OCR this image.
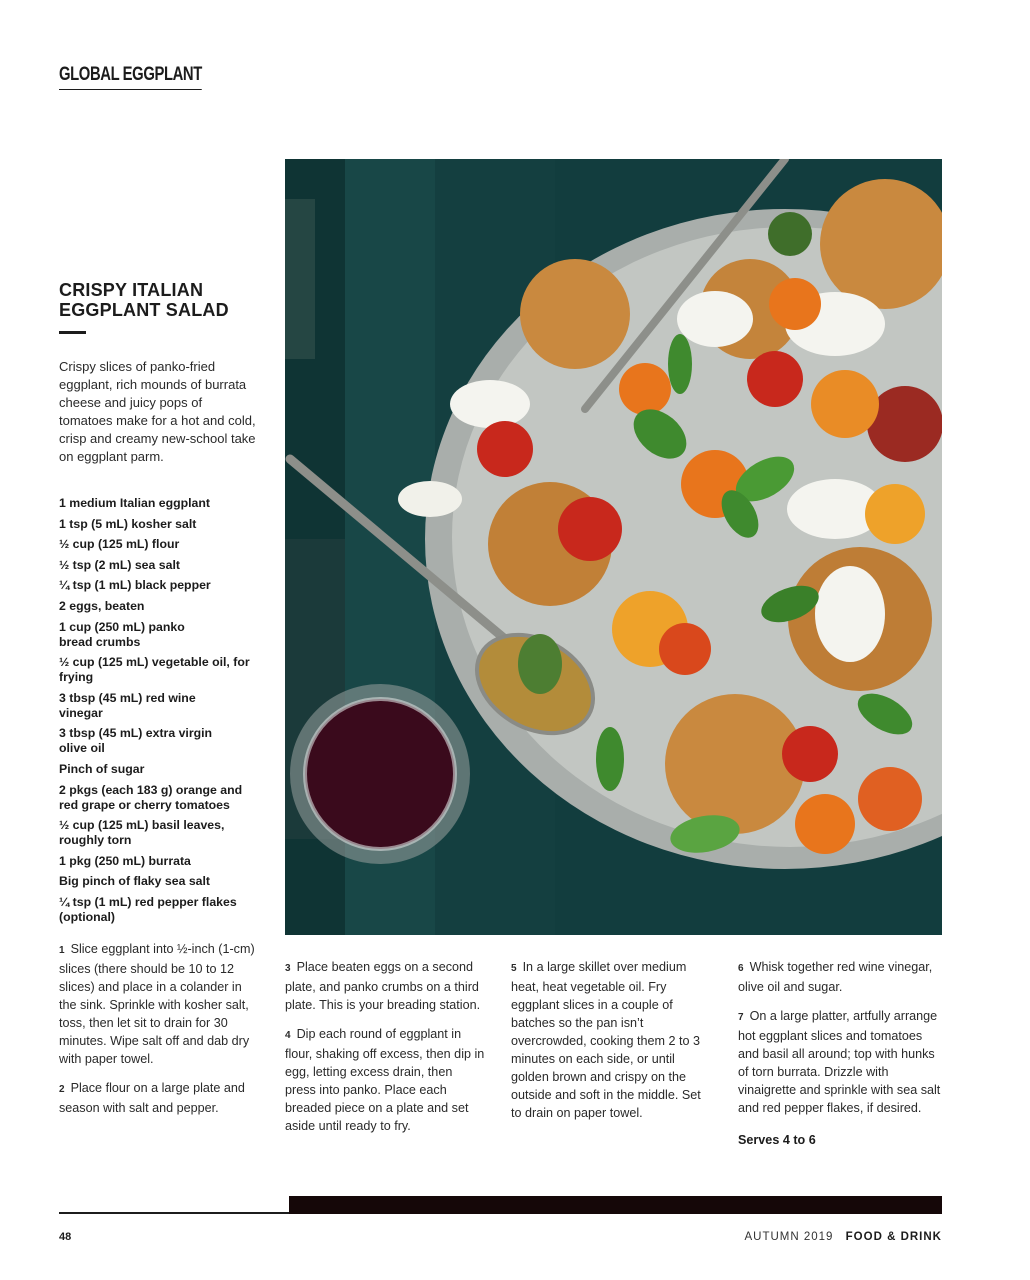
GLOBAL EGGPLANT
CRISPY ITALIAN
EGGPLANT SALAD
Crispy slices of panko-fried eggplant, rich mounds of burrata cheese and juicy pops of tomatoes make for a hot and cold, crisp and creamy new-school take on eggplant parm.
1 medium Italian eggplant
1 tsp (5 mL) kosher salt
½ cup (125 mL) flour
½ tsp (2 mL) sea salt
¼ tsp (1 mL) black pepper
2 eggs, beaten
1 cup (250 mL) panko bread crumbs
½ cup (125 mL) vegetable oil, for frying
3 tbsp (45 mL) red wine vinegar
3 tbsp (45 mL) extra virgin olive oil
Pinch of sugar
2 pkgs (each 183 g) orange and red grape or cherry tomatoes
½ cup (125 mL) basil leaves, roughly torn
1 pkg (250 mL) burrata
Big pinch of flaky sea salt
¼ tsp (1 mL) red pepper flakes (optional)

1 Slice eggplant into ½-inch (1-cm) slices (there should be 10 to 12 slices) and place in a colander in the sink. Sprinkle with kosher salt, toss, then let sit to drain for 30 minutes. Wipe salt off and dab dry with paper towel.

2 Place flour on a large plate and season with salt and pepper.

3 Place beaten eggs on a second plate, and panko crumbs on a third plate. This is your breading station.

4 Dip each round of eggplant in flour, shaking off excess, then dip in egg, letting excess drain, then press into panko. Place each breaded piece on a plate and set aside until ready to fry.

5 In a large skillet over medium heat, heat vegetable oil. Fry eggplant slices in a couple of batches so the pan isn’t overcrowded, cooking them 2 to 3 minutes on each side, or until golden brown and crispy on the outside and soft in the middle. Set to drain on paper towel.

6 Whisk together red wine vinegar, olive oil and sugar.

7 On a large platter, artfully arrange hot eggplant slices and tomatoes and basil all around; top with hunks of torn burrata. Drizzle with vinaigrette and sprinkle with sea salt and red pepper flakes, if desired.

Serves 4 to 6
48	AUTUMN 2019 FOOD & DRINK
